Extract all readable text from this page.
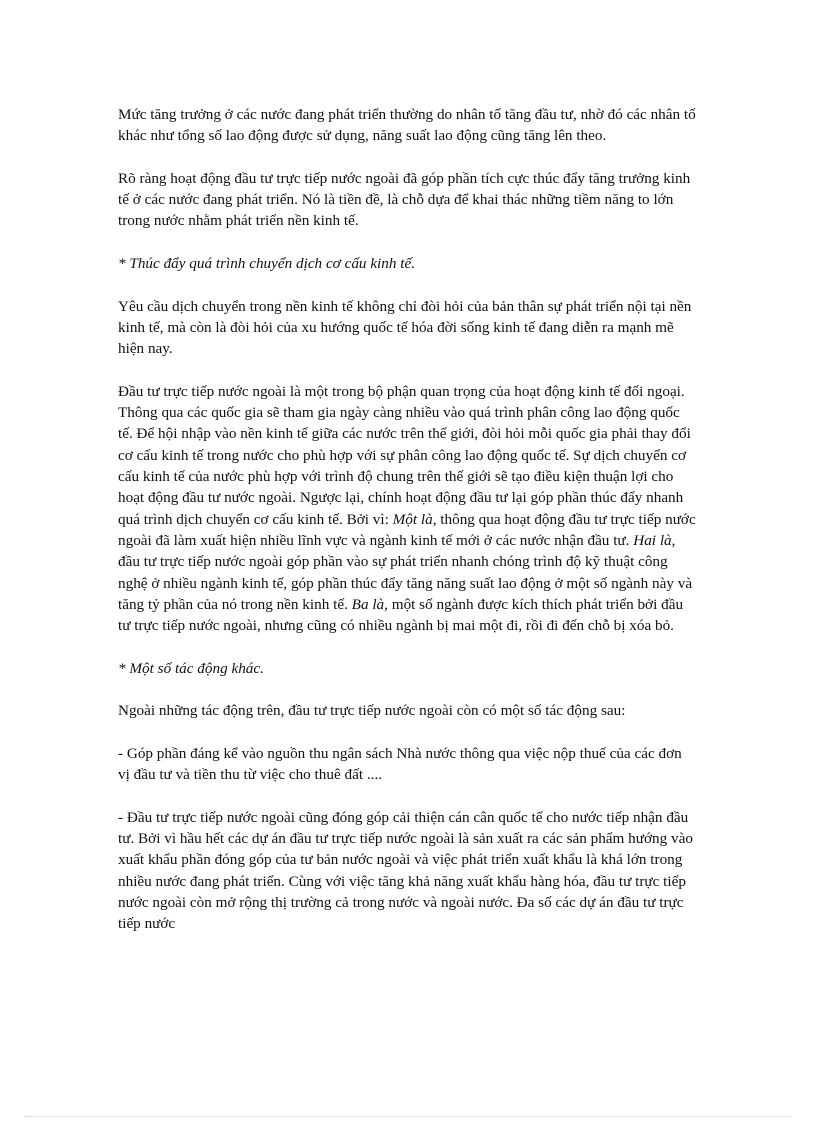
Mức tăng trưởng ở các nước đang phát triển thường do nhân tố tăng đầu tư, nhờ đó các nhân tố khác như tổng số lao động được sử dụng, năng suất lao động cũng tăng lên theo.

Rõ ràng hoạt động đầu tư trực tiếp nước ngoài đã góp phần tích cực thúc đẩy tăng trưởng kinh tế ở các nước đang phát triển. Nó là tiền đề, là chỗ dựa để khai thác những tiềm năng to lớn trong nước nhằm phát triển nền kinh tế.

* Thúc đẩy quá trình chuyển dịch cơ cấu kinh tế.

Yêu cầu dịch chuyển trong nền kinh tế không chỉ đòi hỏi của bản thân sự phát triển nội tại nền kinh tế, mà còn là đòi hỏi của xu hướng quốc tế hóa đời sống kinh tế đang diễn ra mạnh mẽ hiện nay.

Đầu tư trực tiếp nước ngoài là một trong bộ phận quan trọng của hoạt động kinh tế đối ngoại. Thông qua các quốc gia sẽ tham gia ngày càng nhiều vào quá trình phân công lao động quốc tế. Để hội nhập vào nền kinh tế giữa các nước trên thế giới, đòi hỏi mỗi quốc gia phải thay đổi cơ cấu kinh tế trong nước cho phù hợp với sự phân công lao động quốc tế. Sự dịch chuyển cơ cấu kinh tế của nước phù hợp với trình độ chung trên thế giới sẽ tạo điều kiện thuận lợi cho hoạt động đầu tư nước ngoài. Ngược lại, chính hoạt động đầu tư lại góp phần thúc đẩy nhanh quá trình dịch chuyển cơ cấu kinh tế. Bởi vì: Một là, thông qua hoạt động đầu tư trực tiếp nước ngoài đã làm xuất hiện nhiều lĩnh vực và ngành kinh tế mới ở các nước nhận đầu tư. Hai là, đầu tư trực tiếp nước ngoài góp phần vào sự phát triển nhanh chóng trình độ kỹ thuật công nghệ ở nhiều ngành kinh tế, góp phần thúc đẩy tăng năng suất lao động ở một số ngành này và tăng tỷ phần của nó trong nền kinh tế. Ba là, một số ngành được kích thích phát triển bởi đầu tư trực tiếp nước ngoài, nhưng cũng có nhiều ngành bị mai một đi, rồi đi đến chỗ bị xóa bỏ.

* Một số tác động khác.

Ngoài những tác động trên, đầu tư trực tiếp nước ngoài còn có một số tác động sau:

- Góp phần đáng kể vào nguồn thu ngân sách Nhà nước thông qua việc nộp thuế của các đơn vị đầu tư và tiền thu từ việc cho thuê đất ....

- Đầu tư trực tiếp nước ngoài cũng đóng góp cải thiện cán cân quốc tế cho nước tiếp nhận đầu tư. Bởi vì hầu hết các dự án đầu tư trực tiếp nước ngoài là sản xuất ra các sản phẩm hướng vào xuất khẩu phần đóng góp của tư bản nước ngoài và việc phát triển xuất khẩu là khá lớn trong nhiều nước đang phát triển. Cùng với việc tăng khả năng xuất khẩu hàng hóa, đầu tư trực tiếp nước ngoài còn mở rộng thị trường cả trong nước và ngoài nước. Đa số các dự án đầu tư trực tiếp nước
